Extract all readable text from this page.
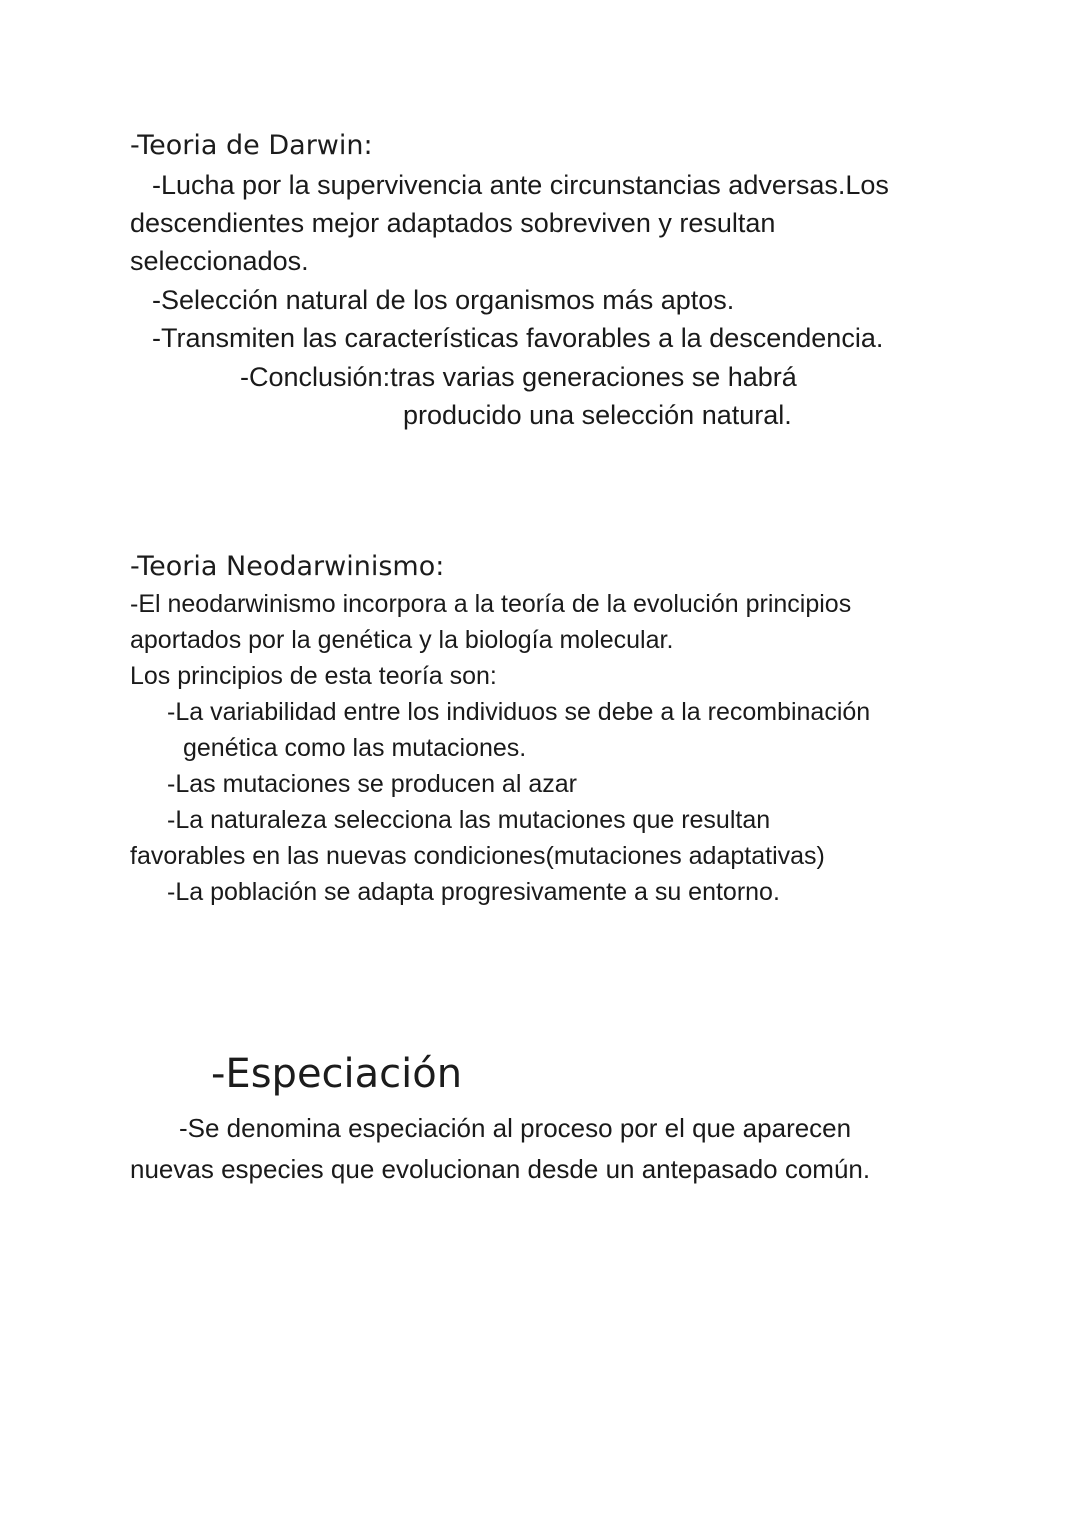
-Teoria de Darwin:
-Lucha por la supervivencia ante circunstancias adversas.Los
descendientes mejor adaptados sobreviven y resultan
seleccionados.
-Selección natural de los organismos más aptos.
-Transmiten las características favorables a la descendencia.
-Conclusión:tras varias generaciones se habrá
producido una selección natural.
-Teoria Neodarwinismo:
-El neodarwinismo incorpora a la teoría de la evolución principios
aportados por la genética y la biología molecular.
Los principios de esta teoría son:
-La variabilidad entre los individuos se debe a la recombinación
genética como las mutaciones.
-Las mutaciones se producen al azar
-La naturaleza selecciona las mutaciones que resultan
favorables en las nuevas condiciones(mutaciones adaptativas)
-La población se adapta progresivamente a su entorno.
-Especiación
-Se denomina especiación al proceso por el que aparecen
nuevas especies que evolucionan desde un antepasado común.
